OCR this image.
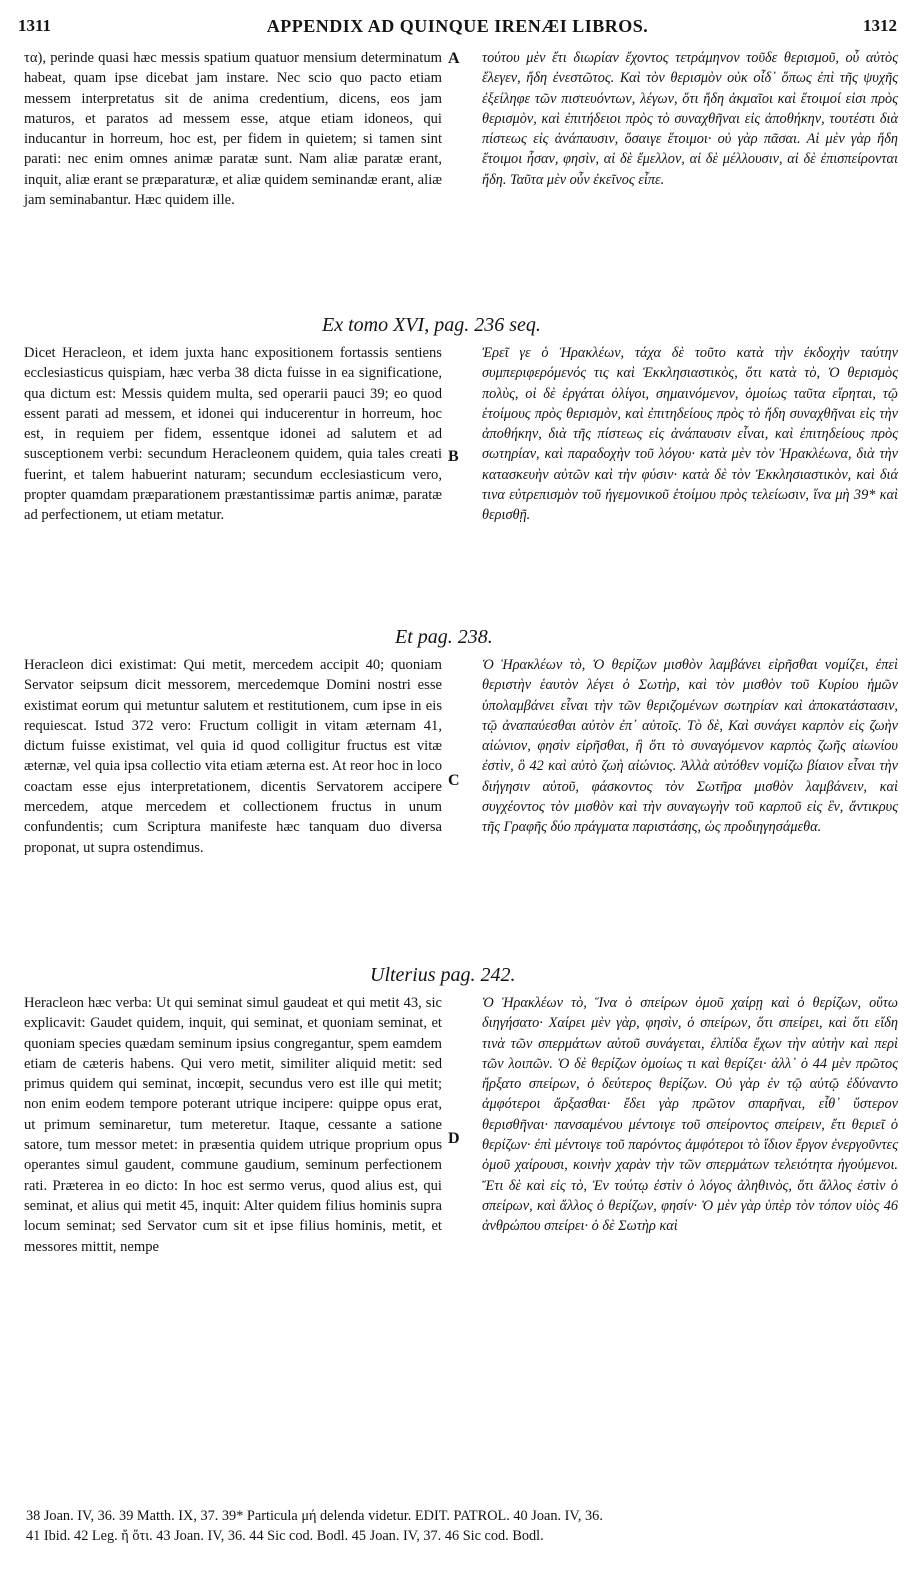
1311	APPENDIX AD QUINQUE IRENÆI LIBROS.	1312
τα), perinde quasi hæc messis spatium quatuor mensium determinatum habeat, quam ipse dicebat jam instare. Nec scio quo pacto etiam messem interpretatus sit de anima credentium, dicens, eos jam maturos, et paratos ad messem esse, atque etiam idoneos, qui inducantur in horreum, hoc est, per fidem in quietem; si tamen sint parati: nec enim omnes animæ paratæ sunt. Nam aliæ paratæ erant, inquit, aliæ erant se præparaturæ, et aliæ quidem seminandæ erant, aliæ jam seminabantur. Hæc quidem ille.
τούτου μὲν ἔτι διωρίαν ἔχοντος τετράμηνον τοῦδε θερισμοῦ, οὗ αὐτὸς ἔλεγεν, ἤδη ἐνεστῶτος. Καὶ τὸν θερισμὸν οὐκ οἶδ᾽ ὅπως ἐπὶ τῆς ψυχῆς ἐξείληφε τῶν πιστευόντων, λέγων, ὅτι ἤδη ἀκμαῖοι καὶ ἕτοιμοί εἰσι πρὸς θερισμὸν, καὶ ἐπιτήδειοι πρὸς τὸ συναχθῆναι εἰς ἀποθήκην, τουτέστι διὰ πίστεως εἰς ἀνάπαυσιν, ὅσαιγε ἕτοιμοι· οὐ γὰρ πᾶσαι. Αἱ μὲν γὰρ ἤδη ἕτοιμοι ἦσαν, φησὶν, αἱ δὲ ἔμελλον, αἱ δὲ μέλλουσιν, αἱ δὲ ἐπισπείρονται ἤδη. Ταῦτα μὲν οὖν ἐκεῖνος εἶπε.
A
Ex tomo XVI, pag. 236 seq.
Dicet Heracleon, et idem juxta hanc expositionem fortassis sentiens ecclesiasticus quispiam, hæc verba 38 dicta fuisse in ea significatione, qua dictum est: Messis quidem multa, sed operarii pauci 39; eo quod essent parati ad messem, et idonei qui inducerentur in horreum, hoc est, in requiem per fidem, essentque idonei ad salutem et ad susceptionem verbi: secundum Heracleonem quidem, quia tales creati fuerint, et talem habuerint naturam; secundum ecclesiasticum vero, propter quamdam præparationem præstantissimæ partis animæ, paratæ ad perfectionem, ut etiam metatur.
Ἐρεῖ γε ὁ Ἡρακλέων, τάχα δὲ τοῦτο κατὰ τὴν ἐκδοχὴν ταύτην συμπεριφερόμενός τις καὶ Ἐκκλησιαστικὸς, ὅτι κατὰ τὸ, Ὁ θερισμὸς πολὺς, οἱ δὲ ἐργάται ὀλίγοι, σημαινόμενον, ὁμοίως ταῦτα εἴρηται, τῷ ἑτοίμους πρὸς θερισμὸν, καὶ ἐπιτηδείους πρὸς τὸ ἤδη συναχθῆναι εἰς τὴν ἀποθήκην, διὰ τῆς πίστεως εἰς ἀνάπαυσιν εἶναι, καὶ ἐπιτηδείους πρὸς σωτηρίαν, καὶ παραδοχὴν τοῦ λόγου· κατὰ μὲν τὸν Ἡρακλέωνα, διὰ τὴν κατασκευὴν αὐτῶν καὶ τὴν φύσιν· κατὰ δὲ τὸν Ἐκκλησιαστικὸν, καὶ διά τινα εὐτρεπισμὸν τοῦ ἡγεμονικοῦ ἑτοίμου πρὸς τελείωσιν, ἵνα μὴ 39* καὶ θερισθῇ.
B
Et pag. 238.
Heracleon dici existimat: Qui metit, mercedem accipit 40; quoniam Servator seipsum dicit messorem, mercedemque Domini nostri esse existimat eorum qui metuntur salutem et restitutionem, cum ipse in eis requiescat. Istud 372 vero: Fructum colligit in vitam æternam 41, dictum fuisse existimat, vel quia id quod colligitur fructus est vitæ æternæ, vel quia ipsa collectio vita etiam æterna est. At reor hoc in loco coactam esse ejus interpretationem, dicentis Servatorem accipere mercedem, atque mercedem et collectionem fructus in unum confundentis; cum Scriptura manifeste hæc tanquam duo diversa proponat, ut supra ostendimus.
Ὁ Ἡρακλέων τὸ, Ὁ θερίζων μισθὸν λαμβάνει εἰρῆσθαι νομίζει, ἐπεὶ θεριστὴν ἑαυτὸν λέγει ὁ Σωτὴρ, καὶ τὸν μισθὸν τοῦ Κυρίου ἡμῶν ὑπολαμβάνει εἶναι τὴν τῶν θεριζομένων σωτηρίαν καὶ ἀποκατάστασιν, τῷ ἀναπαύεσθαι αὐτὸν ἐπ᾽ αὐτοῖς. Τὸ δὲ, Καὶ συνάγει καρπὸν εἰς ζωὴν αἰώνιον, φησὶν εἰρῆσθαι, ἢ ὅτι τὸ συναγόμενον καρπὸς ζωῆς αἰωνίου ἐστὶν, ὃ 42 καὶ αὐτὸ ζωὴ αἰώνιος. Ἀλλὰ αὐτόθεν νομίζω βίαιον εἶναι τὴν διήγησιν αὐτοῦ, φάσκοντος τὸν Σωτῆρα μισθὸν λαμβάνειν, καὶ συγχέοντος τὸν μισθὸν καὶ τὴν συναγωγὴν τοῦ καρποῦ εἰς ἓν, ἄντικρυς τῆς Γραφῆς δύο πράγματα παριστάσης, ὡς προδιηγησάμεθα.
C
Ulterius pag. 242.
Heracleon hæc verba: Ut qui seminat simul gaudeat et qui metit 43, sic explicavit: Gaudet quidem, inquit, qui seminat, et quoniam seminat, et quoniam species quædam seminum ipsius congregantur, spem eamdem etiam de cæteris habens. Qui vero metit, similiter aliquid metit: sed primus quidem qui seminat, incœpit, secundus vero est ille qui metit; non enim eodem tempore poterant utrique incipere: quippe opus erat, ut primum seminaretur, tum meteretur. Itaque, cessante a satione satore, tum messor metet: in præsentia quidem utrique proprium opus operantes simul gaudent, commune gaudium, seminum perfectionem rati. Præterea in eo dicto: In hoc est sermo verus, quod alius est, qui seminat, et alius qui metit 45, inquit: Alter quidem filius hominis supra locum seminat; sed Servator cum sit et ipse filius hominis, metit, et messores mittit, nempe
Ὁ Ἡρακλέων τὸ, Ἵνα ὁ σπείρων ὁμοῦ χαίρῃ καὶ ὁ θερίζων, οὕτω διηγήσατο· Χαίρει μὲν γὰρ, φησὶν, ὁ σπείρων, ὅτι σπείρει, καὶ ὅτι εἴδη τινὰ τῶν σπερμάτων αὐτοῦ συνάγεται, ἐλπίδα ἔχων τὴν αὐτὴν καὶ περὶ τῶν λοιπῶν. Ὁ δὲ θερίζων ὁμοίως τι καὶ θερίζει· ἀλλ᾽ ὁ 44 μὲν πρῶτος ἤρξατο σπείρων, ὁ δεύτερος θερίζων. Οὐ γὰρ ἐν τῷ αὐτῷ ἐδύναντο ἀμφότεροι ἄρξασθαι· ἔδει γὰρ πρῶτον σπαρῆναι, εἶθ᾽ ὕστερον θερισθῆναι· πανσαμένου μέντοιγε τοῦ σπείροντος σπείρειν, ἔτι θεριεῖ ὁ θερίζων· ἐπὶ μέντοιγε τοῦ παρόντος ἀμφότεροι τὸ ἴδιον ἔργον ἐνεργοῦντες ὁμοῦ χαίρουσι, κοινὴν χαρὰν τὴν τῶν σπερμάτων τελειότητα ἡγούμενοι. Ἔτι δὲ καὶ εἰς τὸ, Ἐν τούτῳ ἐστὶν ὁ λόγος ἀληθινὸς, ὅτι ἄλλος ἐστὶν ὁ σπείρων, καὶ ἄλλος ὁ θερίζων, φησίν· Ὁ μὲν γὰρ ὑπὲρ τὸν τόπον υἱὸς 46 ἀνθρώπου σπείρει· ὁ δὲ Σωτὴρ καὶ
D
38 Joan. IV, 36. 39 Matth. IX, 37. 39* Particula μή delenda videtur. EDIT. PATROL. 40 Joan. IV, 36.
41 Ibid. 42 Leg. ἤ ὅτι. 43 Joan. IV, 36. 44 Sic cod. Bodl. 45 Joan. IV, 37. 46 Sic cod. Bodl.
